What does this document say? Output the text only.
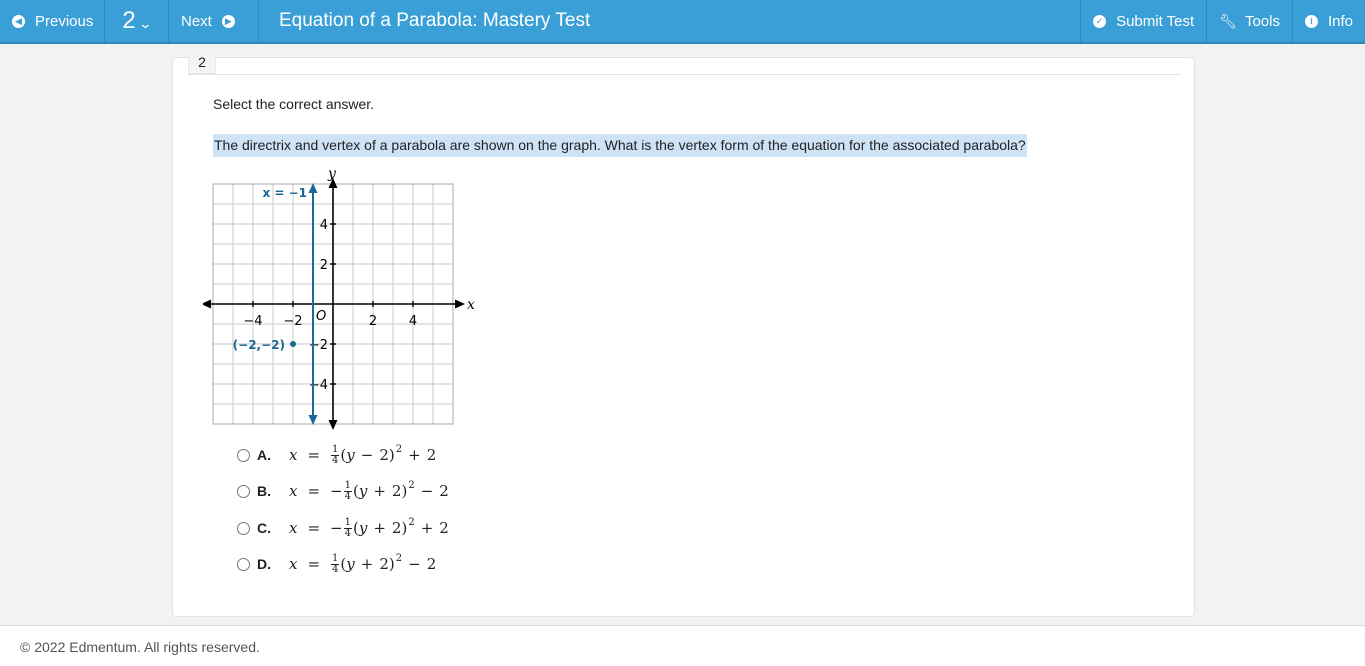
◀ Previous 2 ⌄ Next	▶ Equation of a Parabola: Mastery Test	✓ Submit Test 🔧︎ Tools	i	Info
2
Select the correct answer.
The directrix and vertex of a parabola are shown on the graph. What is the vertex form of the equation for the associated parabola?
x
y
O
−4 −2	2 4
4
2
−2
−4
x = −1
(−2,−2)
A.	$x = \frac{1}{4}$ ( y − 2 ) 2 + 2
B.	x = − $\frac{1}{4}$ ( y + 2 ) 2 − 2
C.	x = − $\frac{1}{4}$ ( y + 2 ) 2 + 2
D.	$x = \frac{1}{4}$ ( y + 2 ) 2 − 2
© 2022 Edmentum. All rights reserved.
